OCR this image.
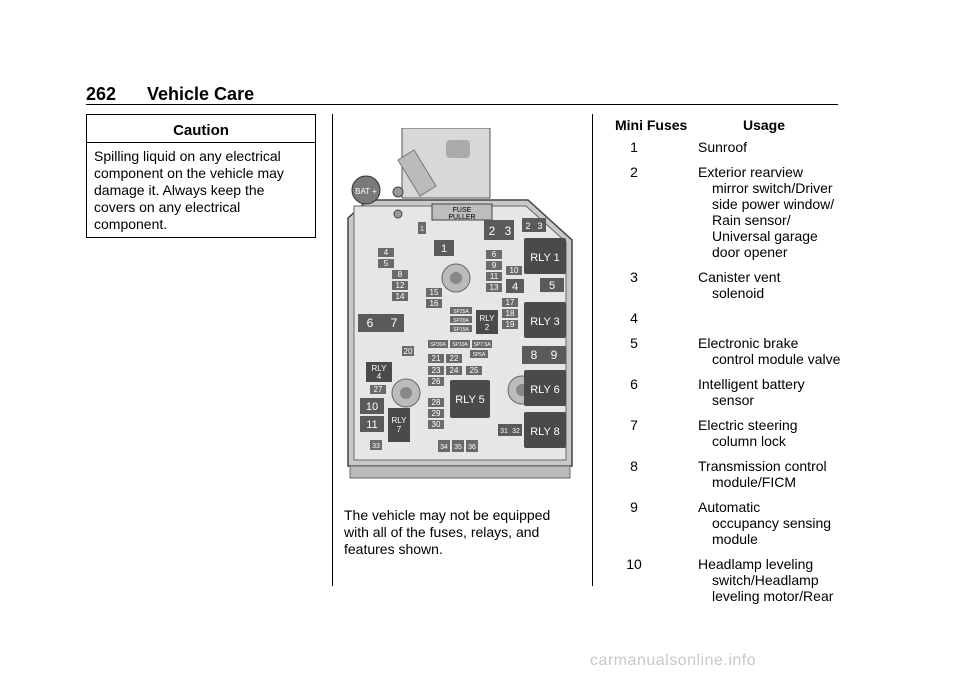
262 Vehicle Care
Caution
Spilling liquid on any electrical component on the vehicle may damage it. Always keep the covers on any electrical component.
BAT +
FUSE
PULLER
1
1
2 3 2 3
RLY 1
4
5
6
9
10
11
13 4	5
8
12
14	15
16	17
18
19 RLY 3
6 7
SP25A
SP20A
SP15A
RLY
2
SP30A SP10A SP7.5A
SP5A
20	8 9
RLY
4
21 22
23 24 25
26
27	RLY 6
28
29
30
10
RLY 5
11 RLY
7	31 32 RLY 8
33	34 35 36
The vehicle may not be equipped with all of the fuses, relays, and features shown.
Mini Fuses	Usage
1	Sunroof
2	Exterior rearview
mirror switch/Driver
side power window/
Rain sensor/
Universal garage
door opener
3	Canister vent
solenoid
4
5	Electronic brake
control module valve
6	Intelligent battery
sensor
7	Electric steering
column lock
8	Transmission control
module/FICM
9	Automatic
occupancy sensing
module
10	Headlamp leveling
switch/Headlamp
leveling motor/Rear
carmanualsonline.info
